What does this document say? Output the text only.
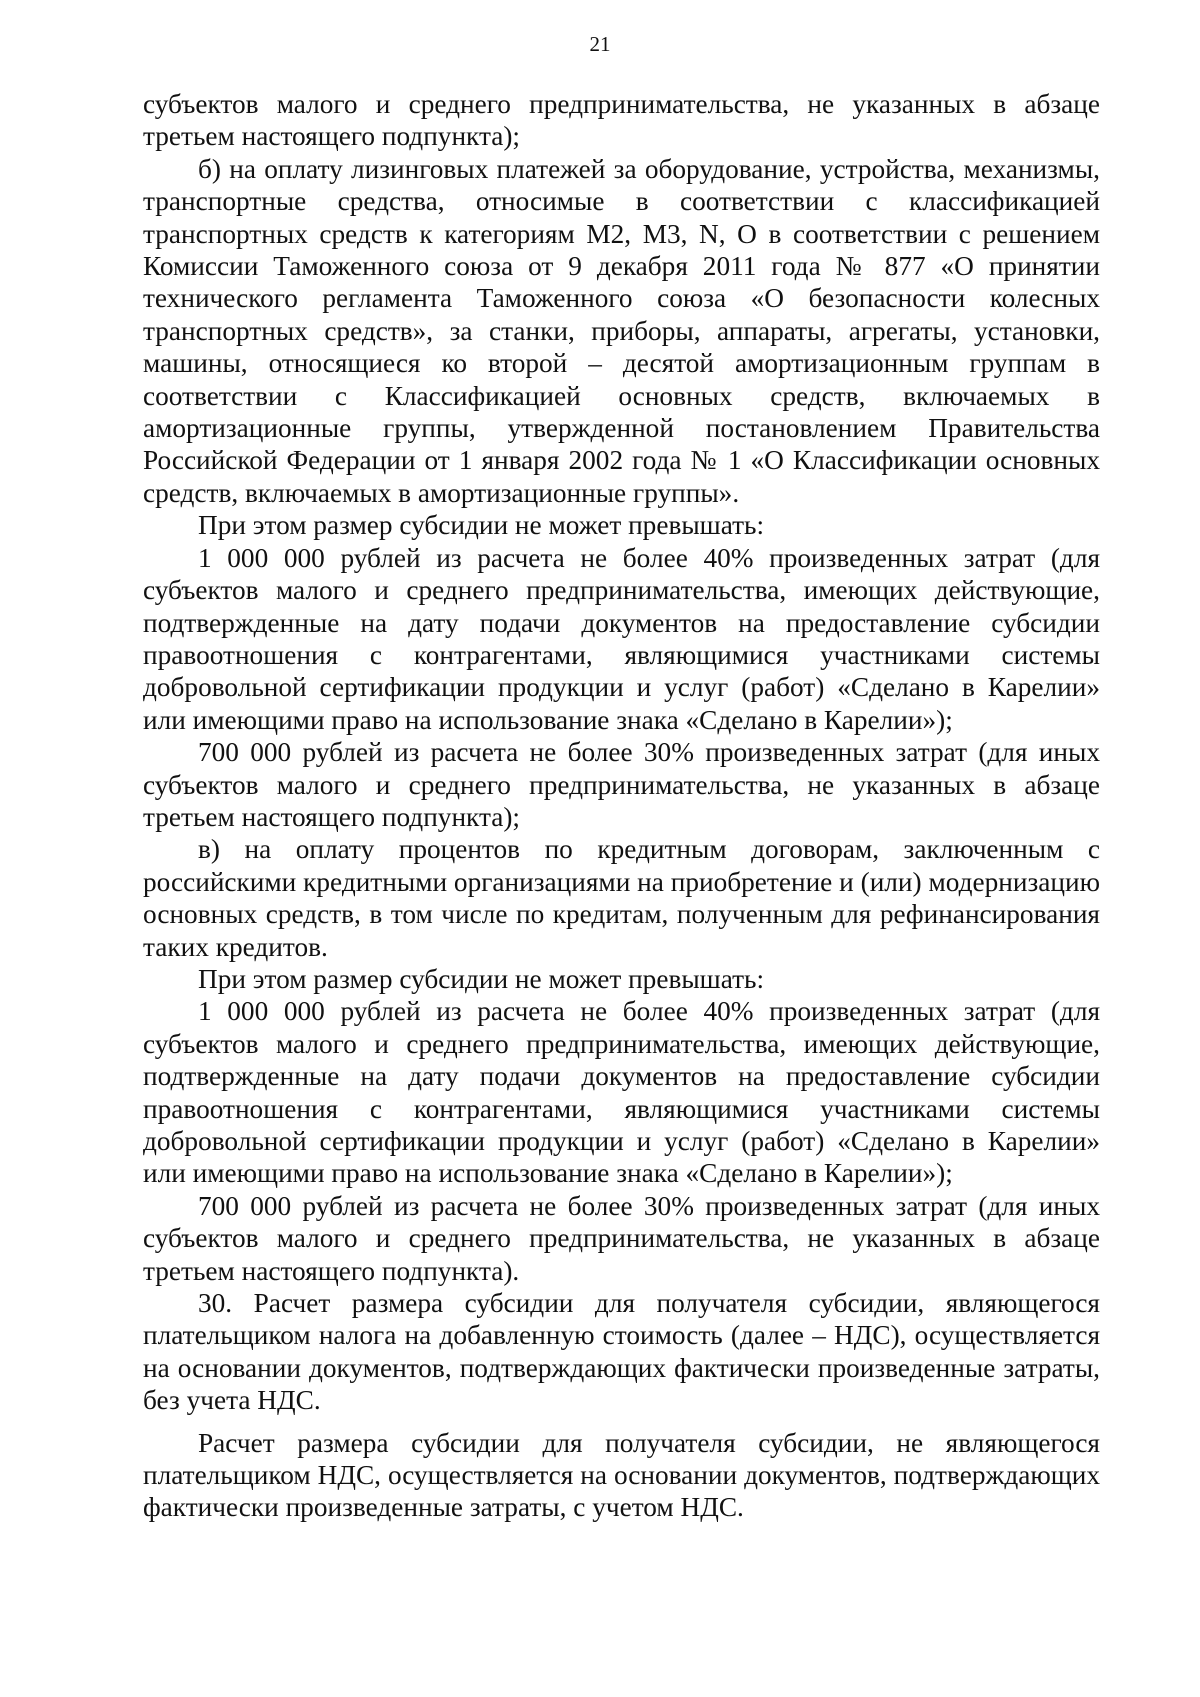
21

субъектов малого и среднего предпринимательства, не указанных в абзаце третьем настоящего подпункта);

б) на оплату лизинговых платежей за оборудование, устройства, механизмы, транспортные средства, относимые в соответствии с классификацией транспортных средств к категориям M2, M3, N, O в соответствии с решением Комиссии Таможенного союза от 9 декабря 2011 года № 877 «О принятии технического регламента Таможенного союза «О безопасности колесных транспортных средств», за станки, приборы, аппараты, агрегаты, установки, машины, относящиеся ко второй – десятой амортизационным группам в соответствии с Классификацией основных средств, включаемых в амортизационные группы, утвержденной постановлением Правительства Российской Федерации от 1 января 2002 года № 1 «О Классификации основных средств, включаемых в амортизационные группы».

При этом размер субсидии не может превышать:

1 000 000 рублей из расчета не более 40% произведенных затрат (для субъектов малого и среднего предпринимательства, имеющих действующие, подтвержденные на дату подачи документов на предоставление субсидии правоотношения с контрагентами, являющимися участниками системы добровольной сертификации продукции и услуг (работ) «Сделано в Карелии» или имеющими право на использование знака «Сделано в Карелии»);

700 000 рублей из расчета не более 30% произведенных затрат (для иных субъектов малого и среднего предпринимательства, не указанных в абзаце третьем настоящего подпункта);

в) на оплату процентов по кредитным договорам, заключенным с российскими кредитными организациями на приобретение и (или) модернизацию основных средств, в том числе по кредитам, полученным для рефинансирования таких кредитов.

При этом размер субсидии не может превышать:

1 000 000 рублей из расчета не более 40% произведенных затрат (для субъектов малого и среднего предпринимательства, имеющих действующие, подтвержденные на дату подачи документов на предоставление субсидии правоотношения с контрагентами, являющимися участниками системы добровольной сертификации продукции и услуг (работ) «Сделано в Карелии» или имеющими право на использование знака «Сделано в Карелии»);

700 000 рублей из расчета не более 30% произведенных затрат (для иных субъектов малого и среднего предпринимательства, не указанных в абзаце третьем настоящего подпункта).

30. Расчет размера субсидии для получателя субсидии, являющегося плательщиком налога на добавленную стоимость (далее – НДС), осуществляется на основании документов, подтверждающих фактически произведенные затраты, без учета НДС.

Расчет размера субсидии для получателя субсидии, не являющегося плательщиком НДС, осуществляется на основании документов, подтверждающих фактически произведенные затраты, с учетом НДС.
